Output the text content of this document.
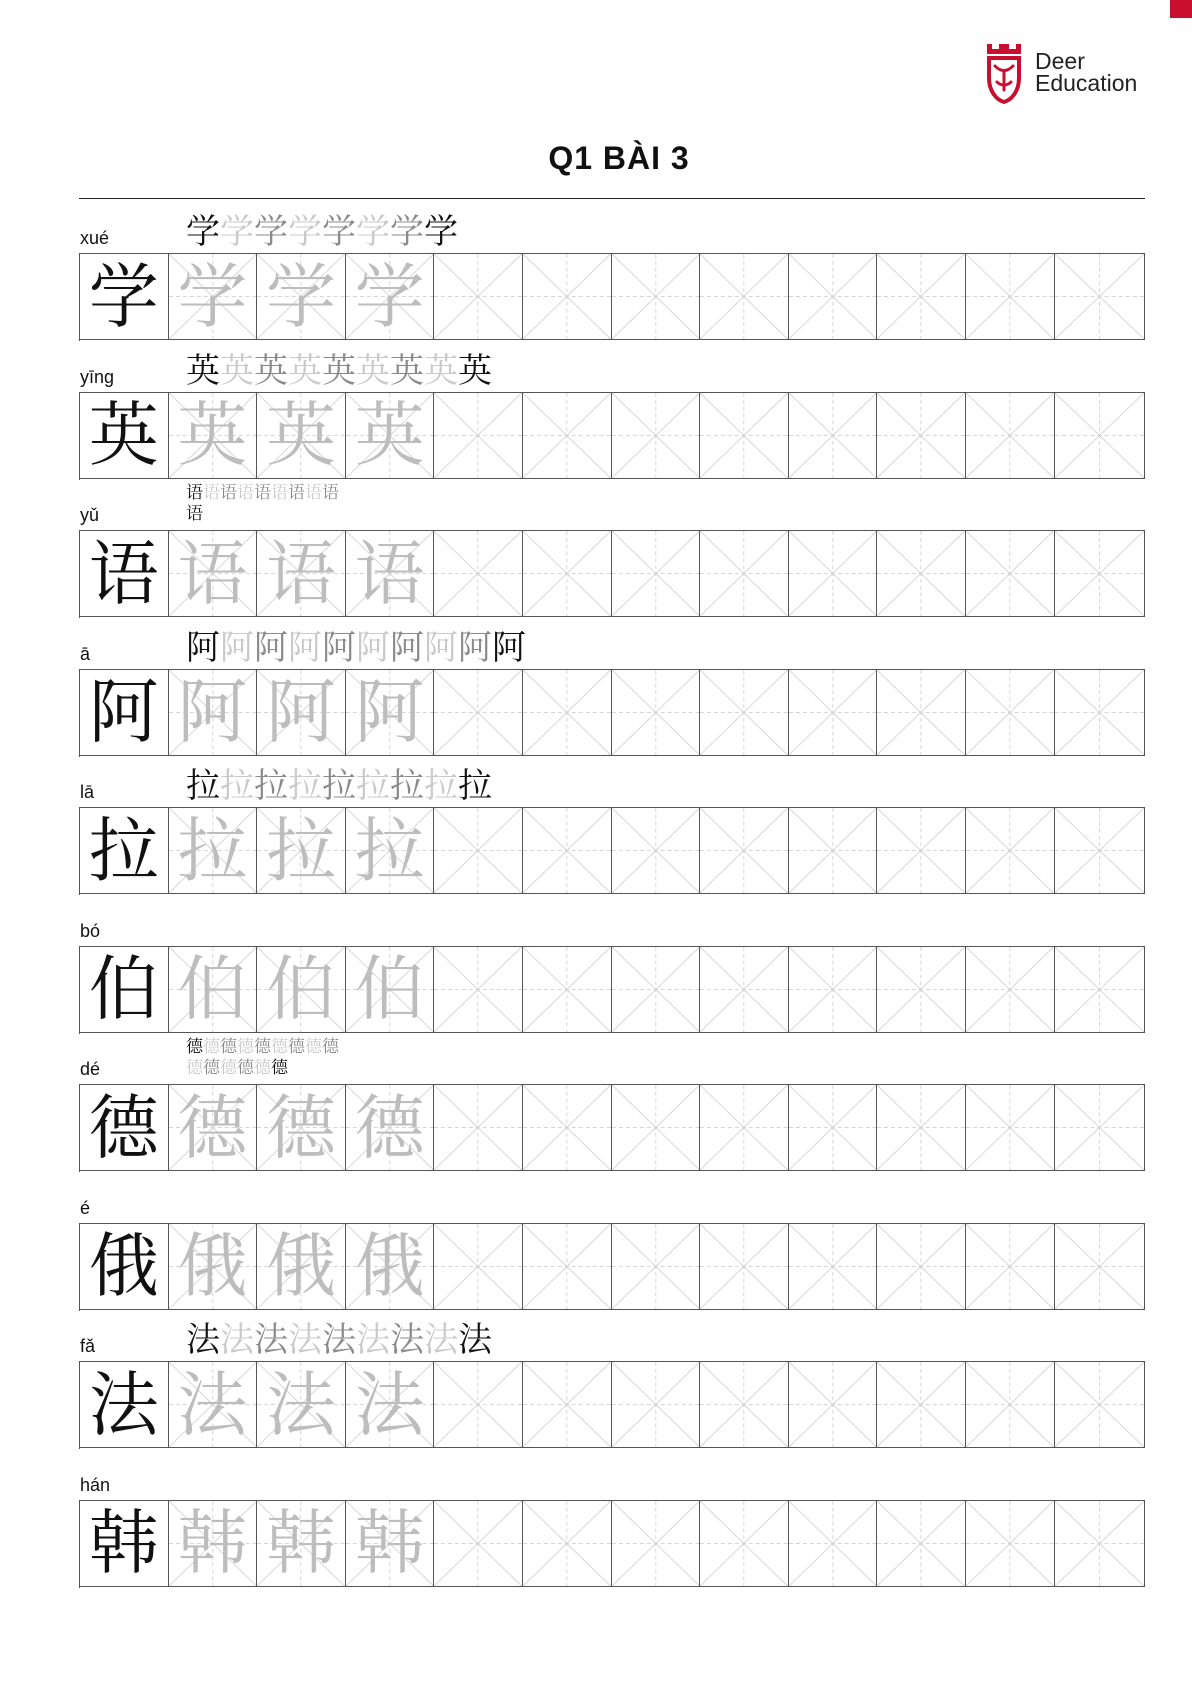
Deer
Education
Q1 BÀI 3
xué 学学学学学学学学
学 学 学 学
yīng 英英英英英英英英英
英 英 英 英
yǔ
语语语语语语语语语语
语 语 语 语
ā	阿阿阿阿阿阿阿阿阿阿
阿 阿 阿 阿
lā	拉拉拉拉拉拉拉拉拉
拉 拉 拉 拉
bó
伯 伯 伯 伯
dé
德德德德德德德德德德德德德德德
德 德 德 德
é
俄 俄 俄 俄
fǎ	法法法法法法法法法
法 法 法 法
hán
韩 韩 韩 韩
